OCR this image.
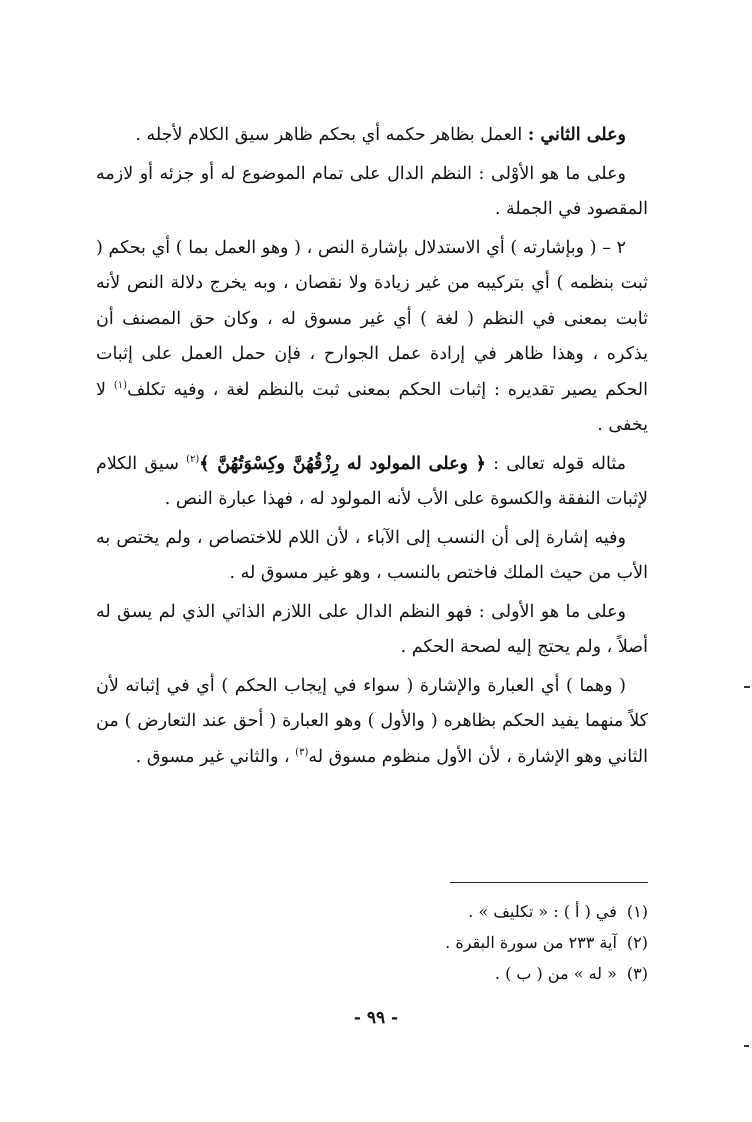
وعلى الثاني : العمل بظاهر حكمه أي بحكم ظاهر سيق الكلام لأجله .

وعلى ما هو الأوْلى : النظم الدال على تمام الموضوع له أو جزئه أو لازمه المقصود في الجملة .

٢ – ( وبإشارته ) أي الاستدلال بإشارة النص ، ( وهو العمل بما ) أي بحكم ( ثبت بنظمه ) أي بتركيبه من غير زيادة ولا نقصان ، وبه يخرج دلالة النص لأنه ثابت بمعنى في النظم ( لغة ) أي غير مسوق له ، وكان حق المصنف أن يذكره ، وهذا ظاهر في إرادة عمل الجوارح ، فإن حمل العمل على إثبات الحكم يصير تقديره : إثبات الحكم بمعنى ثبت بالنظم لغة ، وفيه تكلف$^{(١)}$ لا يخفى .

مثاله قوله تعالى : ﴿ وعلى المولود له رِزْقُهُنَّ وكِسْوَتُهُنَّ ﴾$^{(٢)}$ سيق الكلام لإثبات النفقة والكسوة على الأب لأنه المولود له ، فهذا عبارة النص .

وفيه إشارة إلى أن النسب إلى الآباء ، لأن اللام للاختصاص ، ولم يختص به الأب من حيث الملك فاختص بالنسب ، وهو غير مسوق له .

وعلى ما هو الأولى : فهو النظم الدال على اللازم الذاتي الذي لم يسق له أصلاً ، ولم يحتج إليه لصحة الحكم .

( وهما ) أي العبارة والإشارة ( سواء في إيجاب الحكم ) أي في إثباته لأن كلاً منهما يفيد الحكم بظاهره ( والأول ) وهو العبارة ( أحق عند التعارض ) من الثاني وهو الإشارة ، لأن الأول منظوم مسوق له$^{(٣)}$ ، والثاني غير مسوق .

(١)في ( أ ) : « تكليف » .
(٢)آية ٢٣٣ من سورة البقرة .
(٣)« له » من ( ب ) .
- ٩٩ -
